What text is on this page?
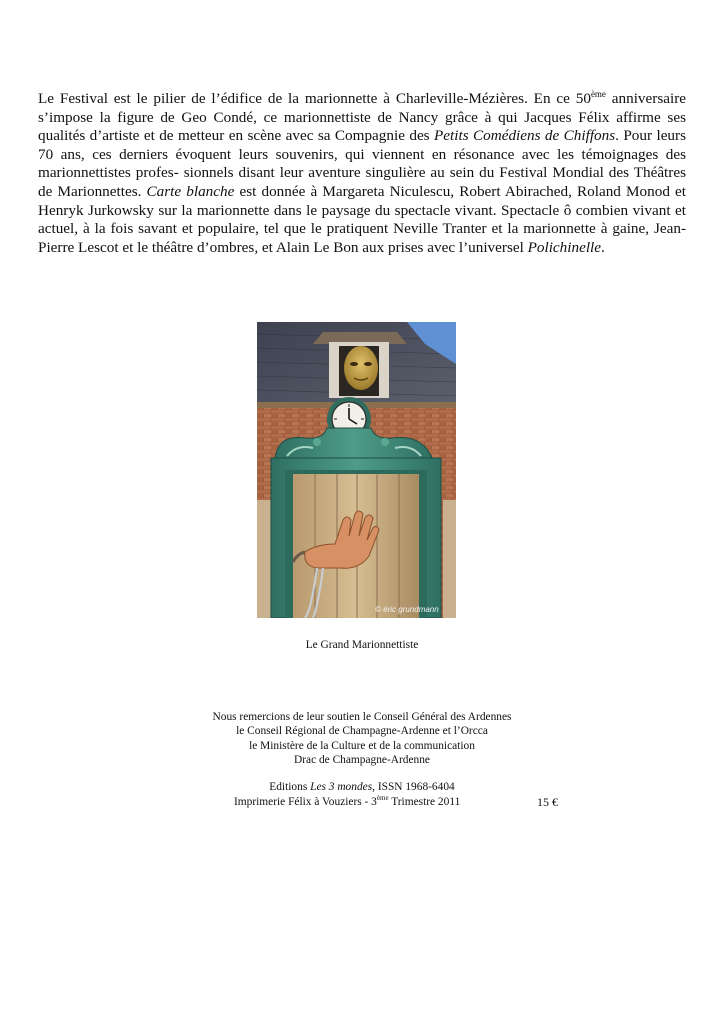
Le Festival est le pilier de l’édifice de la marionnette à Charleville-Mézières. En ce 50ème anniversaire s’impose la figure de Geo Condé, ce marionnettiste de Nancy grâce à qui Jacques Félix affirme ses qualités d’artiste et de metteur en scène avec sa Compagnie des Petits Comédiens de Chiffons. Pour leurs 70 ans, ces derniers évoquent leurs souvenirs, qui viennent en résonance avec les témoignages des marionnettistes profes- sionnels disant leur aventure singulière au sein du Festival Mondial des Théâtres de Marionnettes. Carte blanche est donnée à Margareta Niculescu, Robert Abirached, Roland Monod et Henryk Jurkowsky sur la marionnette dans le paysage du spectacle vivant. Spectacle ô combien vivant et actuel, à la fois savant et populaire, tel que le pratiquent Neville Tranter et la marionnette à gaine, Jean-Pierre Lescot et le théâtre d’ombres, et Alain Le Bon aux prises avec l’universel Polichinelle.

© éric grundmann
Le Grand Marionnettiste
Nous remercions de leur soutien le Conseil Général des Ardennes
le Conseil Régional de Champagne-Ardenne et l’Orcca
le Ministère de la Culture et de la communication
Drac de Champagne-Ardenne
Editions Les 3 mondes, ISSN 1968-6404
Imprimerie Félix à Vouziers - 3ème Trimestre 2011	15 €
